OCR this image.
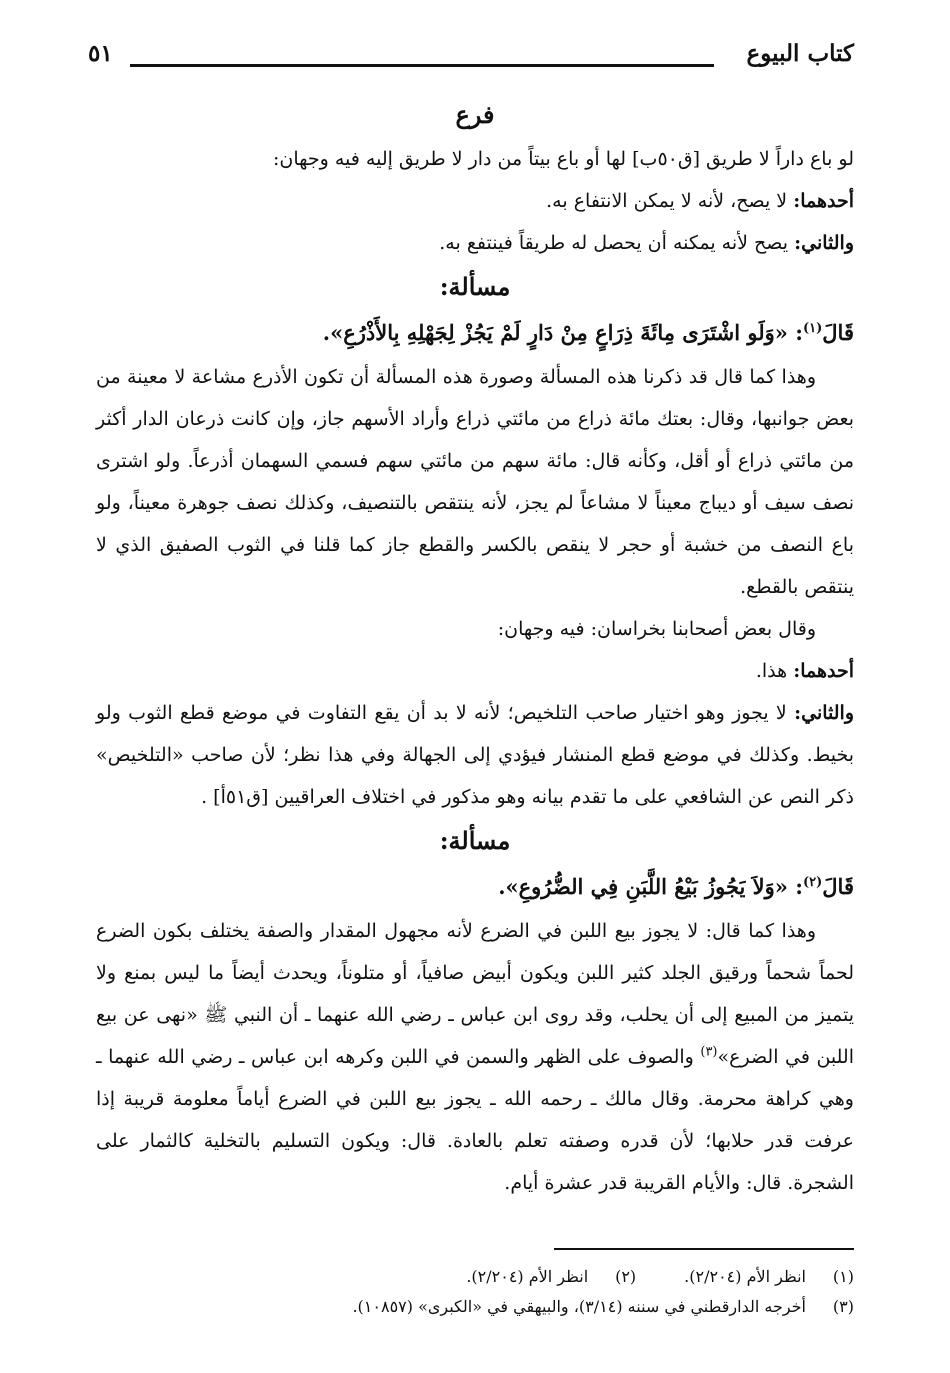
كتاب البيوع
٥١
فرع

لو باع داراً لا طريق [ق٥٠ب] لها أو باع بيتاً من دار لا طريق إليه فيه وجهان:

أحدهما: لا يصح، لأنه لا يمكن الانتفاع به.

والثاني: يصح لأنه يمكنه أن يحصل له طريقاً فينتفع به.

مسألة:

قَالَ$^{(١)}$: «وَلَو اشْتَرَى مِائَةَ ذِرَاعٍ مِنْ دَارٍ لَمْ يَجُزْ لِجَهْلِهِ بِالأَذْرُعِ».

وهذا كما قال قد ذكرنا هذه المسألة وصورة هذه المسألة أن تكون الأذرع مشاعة لا معينة من بعض جوانبها، وقال: بعتك مائة ذراع من مائتي ذراع وأراد الأسهم جاز، وإن كانت ذرعان الدار أكثر من مائتي ذراع أو أقل، وكأنه قال: مائة سهم من مائتي سهم فسمي السهمان أذرعاً. ولو اشترى نصف سيف أو ديباج معيناً لا مشاعاً لم يجز، لأنه ينتقص بالتنصيف، وكذلك نصف جوهرة معيناً، ولو باع النصف من خشبة أو حجر لا ينقص بالكسر والقطع جاز كما قلنا في الثوب الصفيق الذي لا ينتقص بالقطع.

وقال بعض أصحابنا بخراسان: فيه وجهان:

أحدهما: هذا.

والثاني: لا يجوز وهو اختيار صاحب التلخيص؛ لأنه لا بد أن يقع التفاوت في موضع قطع الثوب ولو بخيط. وكذلك في موضع قطع المنشار فيؤدي إلى الجهالة وفي هذا نظر؛ لأن صاحب «التلخيص» ذكر النص عن الشافعي على ما تقدم بيانه وهو مذكور في اختلاف العراقيين [ق٥١أ] .

مسألة:

قَالَ$^{(٢)}$: «وَلاَ يَجُوزُ بَيْعُ اللَّبَنِ فِي الضُّرُوعِ».

وهذا كما قال: لا يجوز بيع اللبن في الضرع لأنه مجهول المقدار والصفة يختلف بكون الضرع لحماً شحماً ورقيق الجلد كثير اللبن ويكون أبيض صافياً، أو متلوناً، ويحدث أيضاً ما ليس بمنع ولا يتميز من المبيع إلى أن يحلب، وقد روى ابن عباس ـ رضي الله عنهما ـ أن النبي ﷺ «نهى عن بيع اللبن في الضرع»$^{(٣)}$ والصوف على الظهر والسمن في اللبن وكرهه ابن عباس ـ رضي الله عنهما ـ وهي كراهة محرمة. وقال مالك ـ رحمه الله ـ يجوز بيع اللبن في الضرع أياماً معلومة قريبة إذا عرفت قدر حلابها؛ لأن قدره وصفته تعلم بالعادة. قال: ويكون التسليم بالتخلية كالثمار على الشجرة. قال: والأيام القريبة قدر عشرة أيام.

(١)انظر الأم (٢/٢٠٤).(٢)انظر الأم (٢/٢٠٤).
(٣)أخرجه الدارقطني في سننه (٣/١٤)، والبيهقي في «الكبرى» (١٠٨٥٧).
